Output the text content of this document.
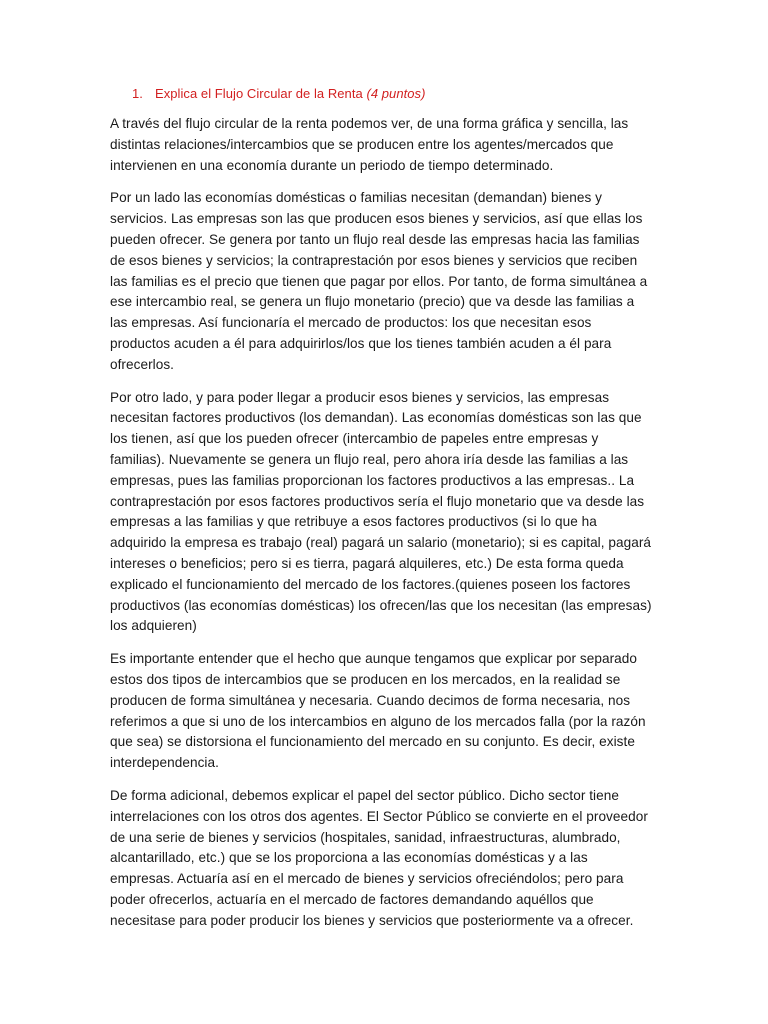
1. Explica el Flujo Circular de la Renta (4 puntos)

A través del flujo circular de la renta podemos ver, de una forma gráfica y sencilla, las distintas relaciones/intercambios que se producen entre los agentes/mercados que intervienen en una economía durante un periodo de tiempo determinado.

Por un lado las economías domésticas o familias necesitan (demandan) bienes y servicios. Las empresas son las que producen esos bienes y servicios, así que ellas los pueden ofrecer. Se genera por tanto un flujo real desde las empresas hacia las familias de esos bienes y servicios; la contraprestación por esos bienes y servicios que reciben las familias es el precio que tienen que pagar por ellos. Por tanto, de forma simultánea a ese intercambio real, se genera un flujo monetario (precio) que va desde las familias a las empresas. Así funcionaría el mercado de productos: los que necesitan esos productos acuden a él para adquirirlos/los que los tienes también acuden a él para ofrecerlos.

Por otro lado, y para poder llegar a producir esos bienes y servicios, las empresas necesitan factores productivos (los demandan). Las economías domésticas son las que los tienen, así que los pueden ofrecer (intercambio de papeles entre empresas y familias). Nuevamente se genera un flujo real, pero ahora iría desde las familias a las empresas, pues las familias proporcionan los factores productivos a las empresas.. La contraprestación por esos factores productivos sería el flujo monetario que va desde las empresas a las familias y que retribuye a esos factores productivos (si lo que ha adquirido la empresa es trabajo (real) pagará un salario (monetario); si es capital, pagará intereses o beneficios; pero si es tierra, pagará alquileres, etc.) De esta forma queda explicado el funcionamiento del mercado de los factores.(quienes poseen los factores productivos (las economías domésticas) los ofrecen/las que los necesitan (las empresas) los adquieren)

Es importante entender que el hecho que aunque tengamos que explicar por separado estos dos tipos de intercambios que se producen en los mercados, en la realidad se producen de forma simultánea y necesaria. Cuando decimos de forma necesaria, nos referimos a que si uno de los intercambios en alguno de los mercados falla (por la razón que sea) se distorsiona el funcionamiento del mercado en su conjunto. Es decir, existe interdependencia.

De forma adicional, debemos explicar el papel del sector público. Dicho sector tiene interrelaciones con los otros dos agentes. El Sector Público se convierte en el proveedor de una serie de bienes y servicios (hospitales, sanidad, infraestructuras, alumbrado, alcantarillado, etc.) que se los proporciona a las economías domésticas y a las empresas. Actuaría así en el mercado de bienes y servicios ofreciéndolos; pero para poder ofrecerlos, actuaría en el mercado de factores demandando aquéllos que necesitase para poder producir los bienes y servicios que posteriormente va a ofrecer.
